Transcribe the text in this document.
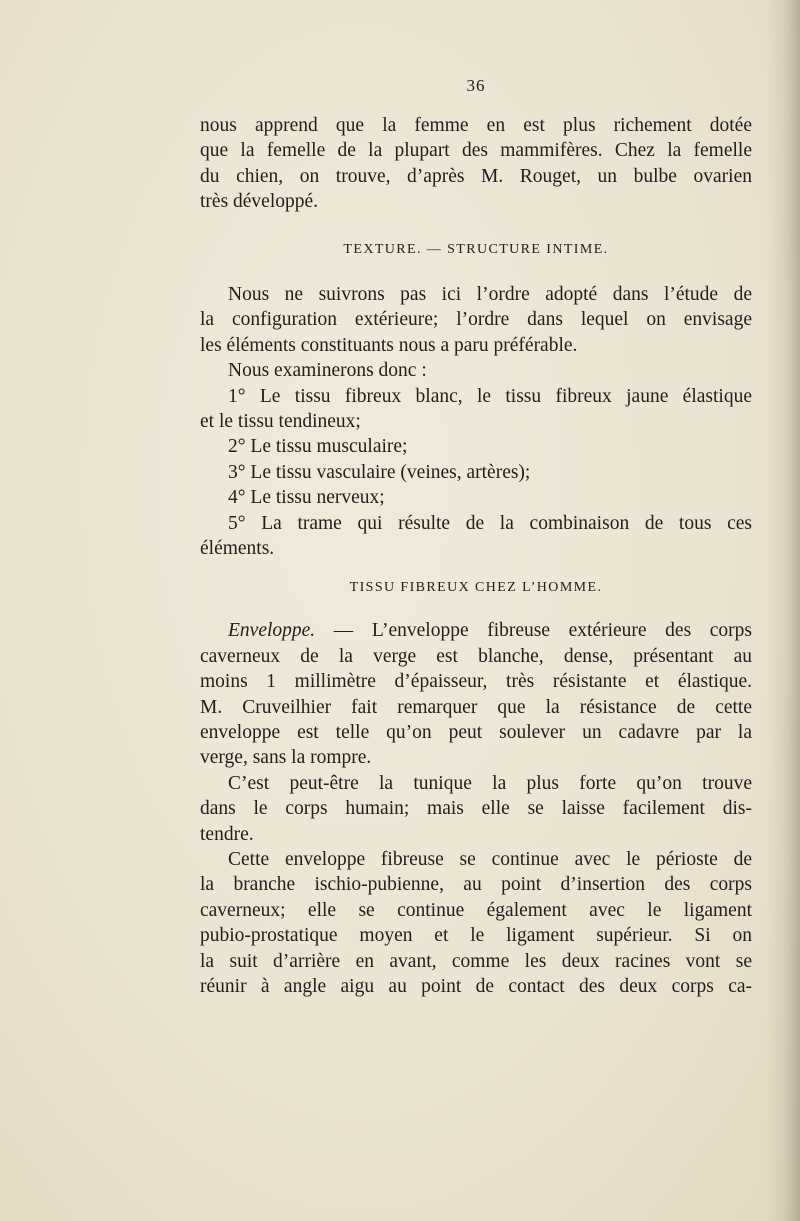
36
nous apprend que la femme en est plus richement dotée
que la femelle de la plupart des mammifères. Chez la femelle
du chien, on trouve, d’après M. Rouget, un bulbe ovarien
très développé.
TEXTURE. — STRUCTURE INTIME.
Nous ne suivrons pas ici l’ordre adopté dans l’étude de
la configuration extérieure; l’ordre dans lequel on envisage
les éléments constituants nous a paru préférable.
Nous examinerons donc :
1° Le tissu fibreux blanc, le tissu fibreux jaune élastique
et le tissu tendineux;
2° Le tissu musculaire;
3° Le tissu vasculaire (veines, artères);
4° Le tissu nerveux;
5° La trame qui résulte de la combinaison de tous ces
éléments.
TISSU FIBREUX CHEZ L’HOMME.
Enveloppe. — L’enveloppe fibreuse extérieure des corps
caverneux de la verge est blanche, dense, présentant au
moins 1 millimètre d’épaisseur, très résistante et élastique.
M. Cruveilhier fait remarquer que la résistance de cette
enveloppe est telle qu’on peut soulever un cadavre par la
verge, sans la rompre.
C’est peut-être la tunique la plus forte qu’on trouve
dans le corps humain; mais elle se laisse facilement dis-
tendre.
Cette enveloppe fibreuse se continue avec le périoste de
la branche ischio-pubienne, au point d’insertion des corps
caverneux; elle se continue également avec le ligament
pubio-prostatique moyen et le ligament supérieur. Si on
la suit d’arrière en avant, comme les deux racines vont se
réunir à angle aigu au point de contact des deux corps ca-
